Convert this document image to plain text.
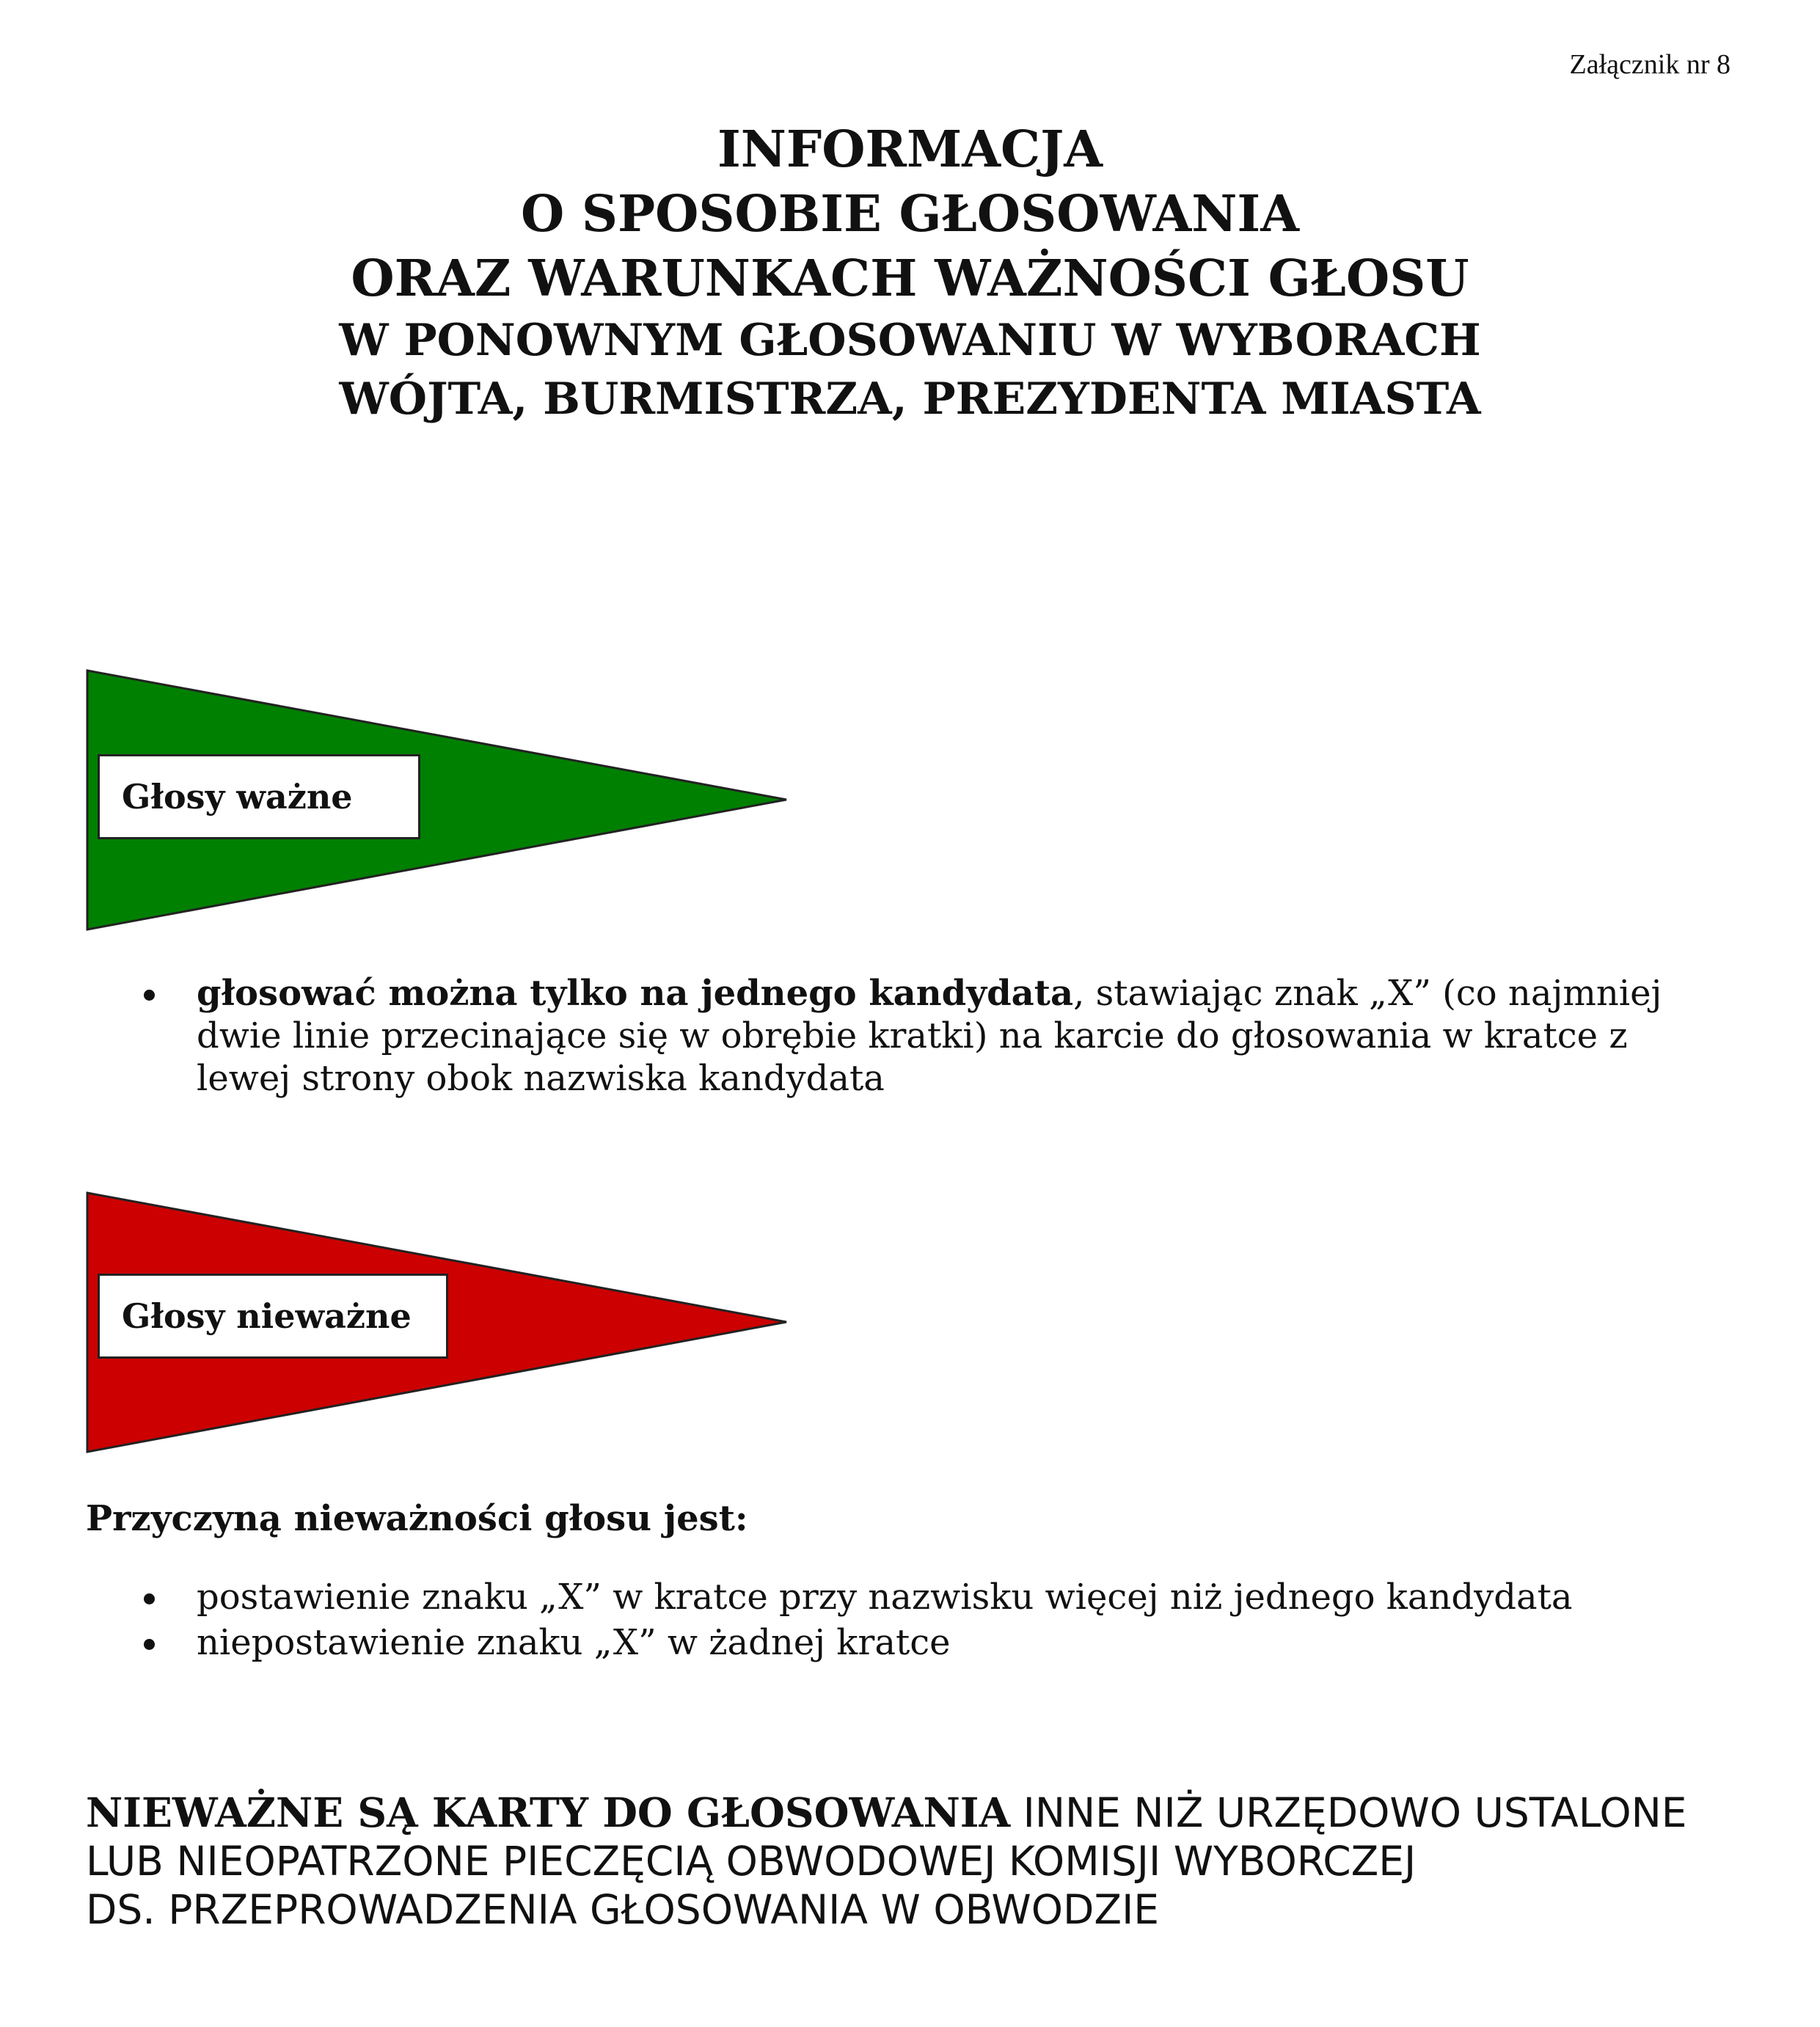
Załącznik nr 8
INFORMACJA
O SPOSOBIE GŁOSOWANIA
ORAZ WARUNKACH WAŻNOŚCI GŁOSU
W PONOWNYM GŁOSOWANIU W WYBORACH
WÓJTA, BURMISTRZA, PREZYDENTA MIASTA
Głosy ważne
głosować można tylko na jednego kandydata, stawiając znak „X” (co najmniej dwie linie przecinające się w obrębie kratki) na karcie do głosowania w kratce z lewej strony obok nazwiska kandydata
Głosy nieważne
Przyczyną nieważności głosu jest:
postawienie znaku „X” w kratce przy nazwisku więcej niż jednego kandydata
niepostawienie znaku „X” w żadnej kratce
NIEWAŻNE SĄ KARTY DO GŁOSOWANIA INNE NIŻ URZĘDOWO USTALONE
LUB NIEOPATRZONE PIECZĘCIĄ OBWODOWEJ KOMISJI WYBORCZEJ
DS. PRZEPROWADZENIA GŁOSOWANIA W OBWODZIE
